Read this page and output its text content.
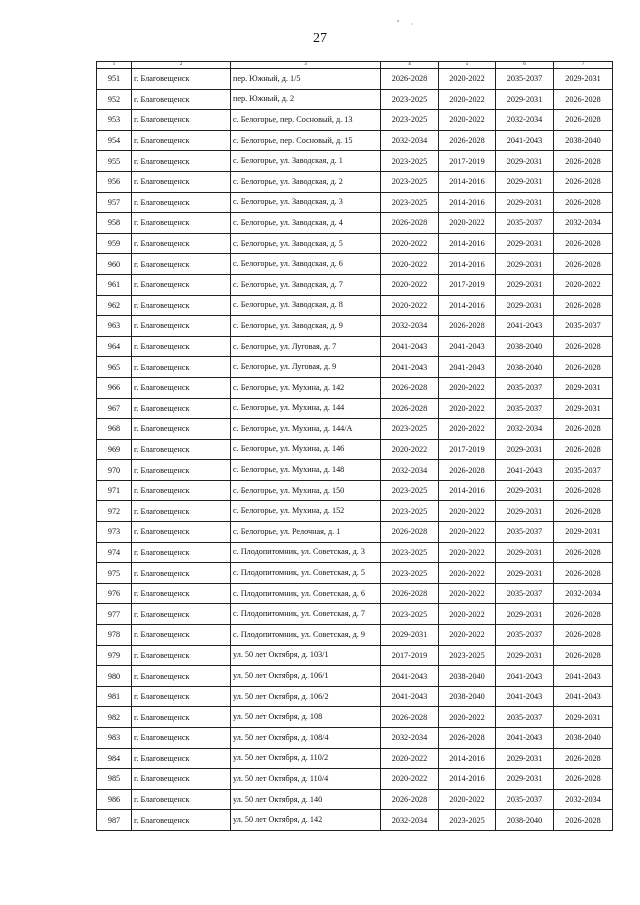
27
1	2	3	4	5	6	7
951	г. Благовещенск	пер. Южный, д. 1/5	2026-2028	2020-2022	2035-2037	2029-2031
952	г. Благовещенск	пер. Южный, д. 2	2023-2025	2020-2022	2029-2031	2026-2028
953	г. Благовещенск	с. Белогорье, пер. Сосновый, д. 13	2023-2025	2020-2022	2032-2034	2026-2028
954	г. Благовещенск	с. Белогорье, пер. Сосновый, д. 15	2032-2034	2026-2028	2041-2043	2038-2040
955	г. Благовещенск	с. Белогорье, ул. Заводская, д. 1	2023-2025	2017-2019	2029-2031	2026-2028
956	г. Благовещенск	с. Белогорье, ул. Заводская, д. 2	2023-2025	2014-2016	2029-2031	2026-2028
957	г. Благовещенск	с. Белогорье, ул. Заводская, д. 3	2023-2025	2014-2016	2029-2031	2026-2028
958	г. Благовещенск	с. Белогорье, ул. Заводская, д. 4	2026-2028	2020-2022	2035-2037	2032-2034
959	г. Благовещенск	с. Белогорье, ул. Заводская, д. 5	2020-2022	2014-2016	2029-2031	2026-2028
960	г. Благовещенск	с. Белогорье, ул. Заводская, д. 6	2020-2022	2014-2016	2029-2031	2026-2028
961	г. Благовещенск	с. Белогорье, ул. Заводская, д. 7	2020-2022	2017-2019	2029-2031	2020-2022
962	г. Благовещенск	с. Белогорье, ул. Заводская, д. 8	2020-2022	2014-2016	2029-2031	2026-2028
963	г. Благовещенск	с. Белогорье, ул. Заводская, д. 9	2032-2034	2026-2028	2041-2043	2035-2037
964	г. Благовещенск	с. Белогорье, ул. Луговая, д. 7	2041-2043	2041-2043	2038-2040	2026-2028
965	г. Благовещенск	с. Белогорье, ул. Луговая, д. 9	2041-2043	2041-2043	2038-2040	2026-2028
966	г. Благовещенск	с. Белогорье, ул. Мухина, д. 142	2026-2028	2020-2022	2035-2037	2029-2031
967	г. Благовещенск	с. Белогорье, ул. Мухина, д. 144	2026-2028	2020-2022	2035-2037	2029-2031
968	г. Благовещенск	с. Белогорье, ул. Мухина, д. 144/А	2023-2025	2020-2022	2032-2034	2026-2028
969	г. Благовещенск	с. Белогорье, ул. Мухина, д. 146	2020-2022	2017-2019	2029-2031	2026-2028
970	г. Благовещенск	с. Белогорье, ул. Мухина, д. 148	2032-2034	2026-2028	2041-2043	2035-2037
971	г. Благовещенск	с. Белогорье, ул. Мухина, д. 150	2023-2025	2014-2016	2029-2031	2026-2028
972	г. Благовещенск	с. Белогорье, ул. Мухина, д. 152	2023-2025	2020-2022	2029-2031	2026-2028
973	г. Благовещенск	с. Белогорье, ул. Релочная, д. 1	2026-2028	2020-2022	2035-2037	2029-2031
974	г. Благовещенск	с. Плодопитомник, ул. Советская, д. 3	2023-2025	2020-2022	2029-2031	2026-2028
975	г. Благовещенск	с. Плодопитомник, ул. Советская, д. 5	2023-2025	2020-2022	2029-2031	2026-2028
976	г. Благовещенск	с. Плодопитомник, ул. Советская, д. 6	2026-2028	2020-2022	2035-2037	2032-2034
977	г. Благовещенск	с. Плодопитомник, ул. Советская, д. 7	2023-2025	2020-2022	2029-2031	2026-2028
978	г. Благовещенск	с. Плодопитомник, ул. Советская, д. 9	2029-2031	2020-2022	2035-2037	2026-2028
979	г. Благовещенск	ул. 50 лет Октября, д. 103/1	2017-2019	2023-2025	2029-2031	2026-2028
980	г. Благовещенск	ул. 50 лет Октября, д. 106/1	2041-2043	2038-2040	2041-2043	2041-2043
981	г. Благовещенск	ул. 50 лет Октября, д. 106/2	2041-2043	2038-2040	2041-2043	2041-2043
982	г. Благовещенск	ул. 50 лет Октября, д. 108	2026-2028	2020-2022	2035-2037	2029-2031
983	г. Благовещенск	ул. 50 лет Октября, д. 108/4	2032-2034	2026-2028	2041-2043	2038-2040
984	г. Благовещенск	ул. 50 лет Октября, д. 110/2	2020-2022	2014-2016	2029-2031	2026-2028
985	г. Благовещенск	ул. 50 лет Октября, д. 110/4	2020-2022	2014-2016	2029-2031	2026-2028
986	г. Благовещенск	ул. 50 лет Октября, д. 140	2026-2028	2020-2022	2035-2037	2032-2034
987	г. Благовещенск	ул. 50 лет Октября, д. 142	2032-2034	2023-2025	2038-2040	2026-2028
